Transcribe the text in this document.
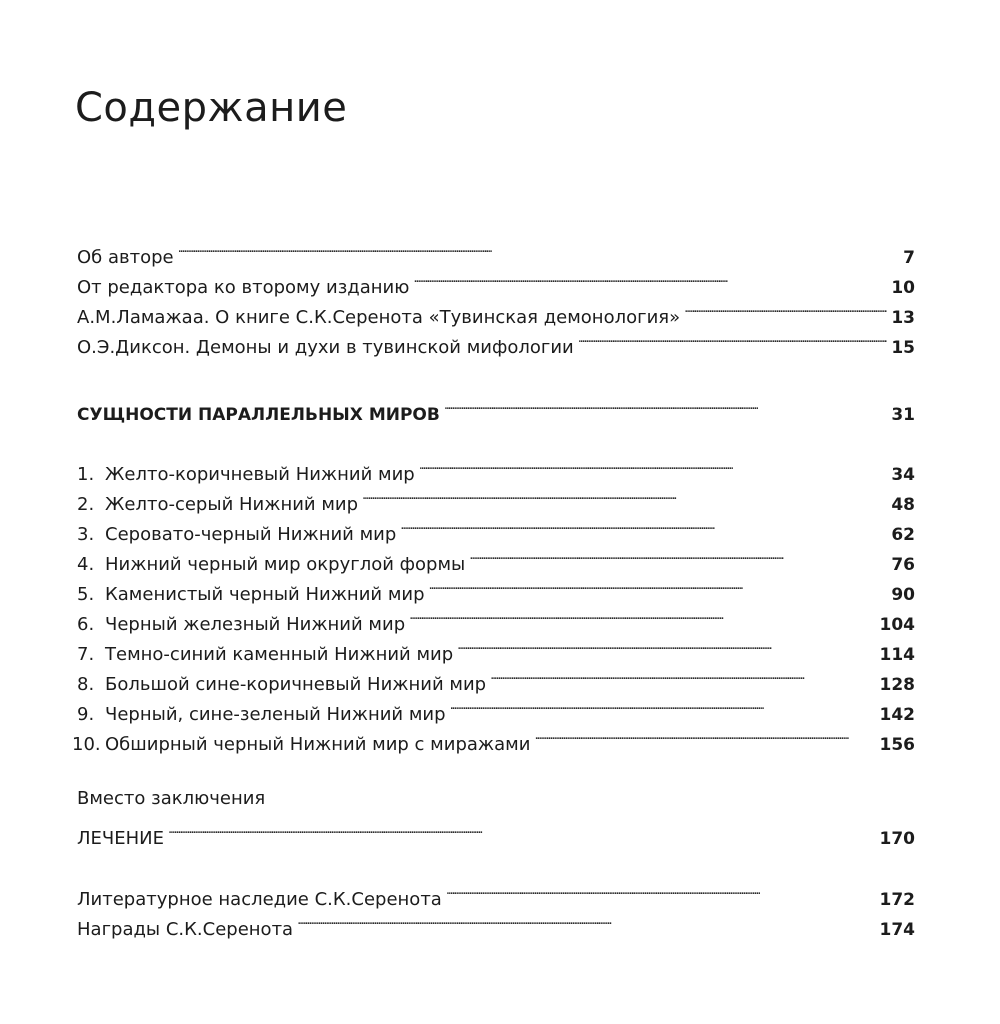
Содержание
Об авторе . . .	7
От редактора ко второму изданию . . .	10
А.М.Ламажаа. О книге С.К.Серенота «Тувинская демонология» . . .	13
О.Э.Диксон. Демоны и духи в тувинской мифологии . . .	15
СУЩНОСТИ ПАРАЛЛЕЛЬНЫХ МИРОВ . . .	31
1. Желто-коричневый Нижний мир . . .	34
2. Желто-серый Нижний мир . . .	48
3. Серовато-черный Нижний мир . . .	62
4. Нижний черный мир округлой формы . . .	76
5. Каменистый черный Нижний мир . . .	90
6. Черный железный Нижний мир . . .	104
7. Темно-синий каменный Нижний мир . . .	114
8. Большой сине-коричневый Нижний мир . . .	128
9. Черный, сине-зеленый Нижний мир . . .	142
10. Обширный черный Нижний мир с миражами . . .	156
Вместо заключения
ЛЕЧЕНИЕ . . .	170
Литературное наследие С.К.Серенота . . .	172
Награды С.К.Серенота . . .	174
